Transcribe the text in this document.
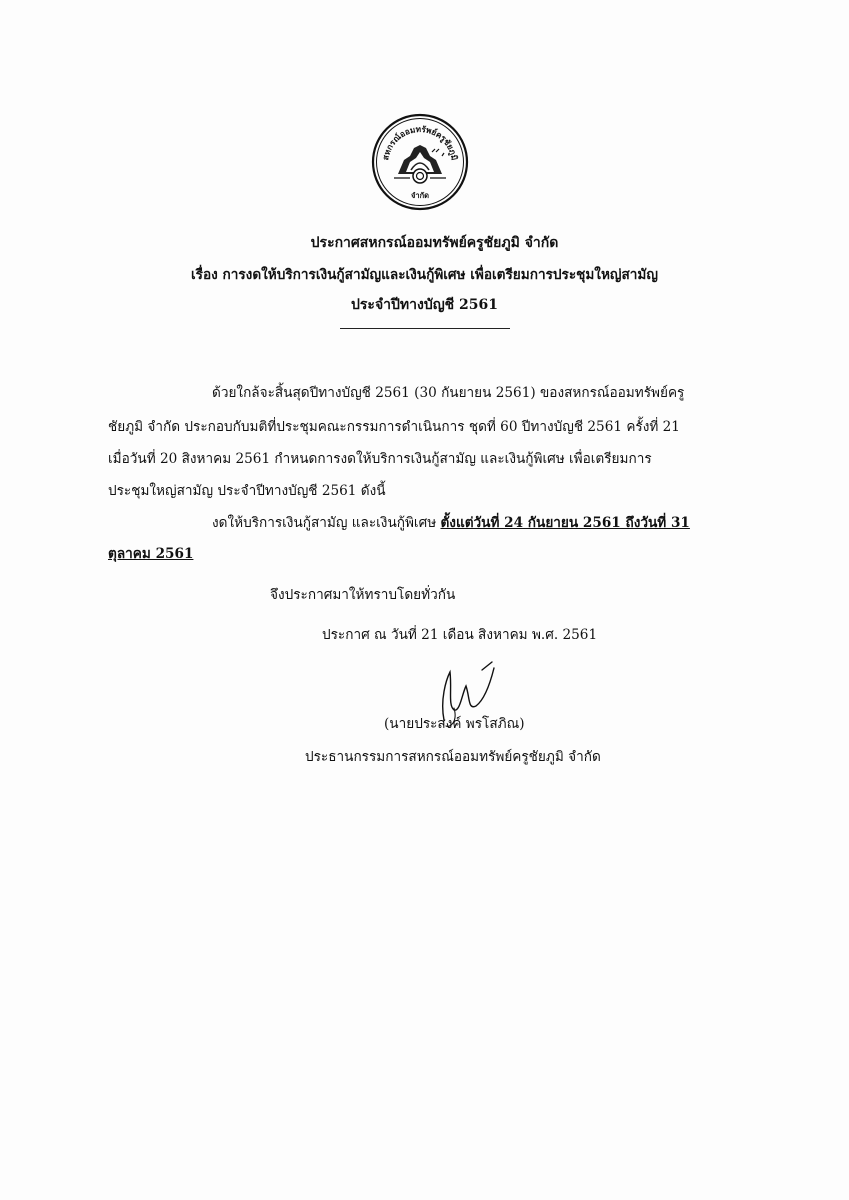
สหกรณ์ออมทรัพย์ครูชัยภูมิ
จำกัด
ประกาศสหกรณ์ออมทรัพย์ครูชัยภูมิ จำกัด
เรื่อง การงดให้บริการเงินกู้สามัญและเงินกู้พิเศษ เพื่อเตรียมการประชุมใหญ่สามัญ
ประจำปีทางบัญชี 2561
ด้วยใกล้จะสิ้นสุดปีทางบัญชี 2561 (30 กันยายน 2561) ของสหกรณ์ออมทรัพย์ครู
ชัยภูมิ จำกัด ประกอบกับมติที่ประชุมคณะกรรมการดำเนินการ ชุดที่ 60 ปีทางบัญชี 2561 ครั้งที่ 21
เมื่อวันที่ 20 สิงหาคม 2561 กำหนดการงดให้บริการเงินกู้สามัญ และเงินกู้พิเศษ เพื่อเตรียมการ
ประชุมใหญ่สามัญ ประจำปีทางบัญชี 2561 ดังนี้
งดให้บริการเงินกู้สามัญ และเงินกู้พิเศษ ตั้งแต่วันที่ 24 กันยายน 2561 ถึงวันที่ 31
ตุลาคม 2561
จึงประกาศมาให้ทราบโดยทั่วกัน
ประกาศ ณ วันที่ 21 เดือน สิงหาคม พ.ศ. 2561
(นายประสงค์ พรโสภิณ)
ประธานกรรมการสหกรณ์ออมทรัพย์ครูชัยภูมิ จำกัด
